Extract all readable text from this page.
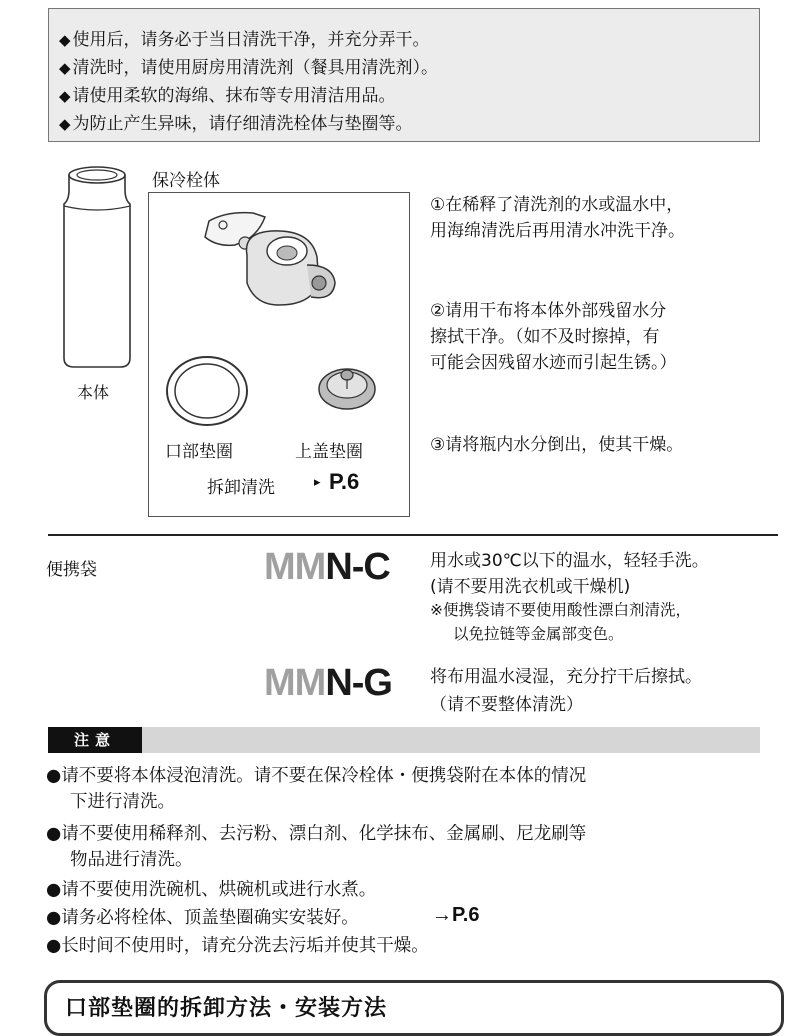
◆ 使用后，请务必于当日清洗干净，并充分弄干。
◆ 清洗时，请使用厨房用清洗剂（餐具用清洗剂）。
◆ 请使用柔软的海绵、抹布等专用清洁用品。
◆ 为防止产生异味，请仔细清洗栓体与垫圈等。
本体
保冷栓体
口部垫圈	上盖垫圈
拆卸清洗	▸ P.6
①在稀释了清洗剂的水或温水中，
用海绵清洗后再用清水冲洗干净。
②请用干布将本体外部残留水分
擦拭干净。（如不及时擦掉，有
可能会因残留水迹而引起生锈。）
③请将瓶内水分倒出，使其干燥。
便携袋	MMN-C 用水或30℃以下的温水，轻轻手洗。
(请不要用洗衣机或干燥机)
※便携袋请不要使用酸性漂白剂清洗，
以免拉链等金属部变色。
MMN-G 将布用温水浸湿，充分拧干后擦拭。
（请不要整体清洗）
注意
●请不要将本体浸泡清洗。请不要在保冷栓体・便携袋附在本体的情况
下进行清洗。
●请不要使用稀释剂、去污粉、漂白剂、化学抹布、金属刷、尼龙刷等
物品进行清洗。
●请不要使用洗碗机、烘碗机或进行水煮。
●请务必将栓体、顶盖垫圈确实安装好。	→P.6
●长时间不使用时，请充分洗去污垢并使其干燥。
口部垫圈的拆卸方法・安装方法
